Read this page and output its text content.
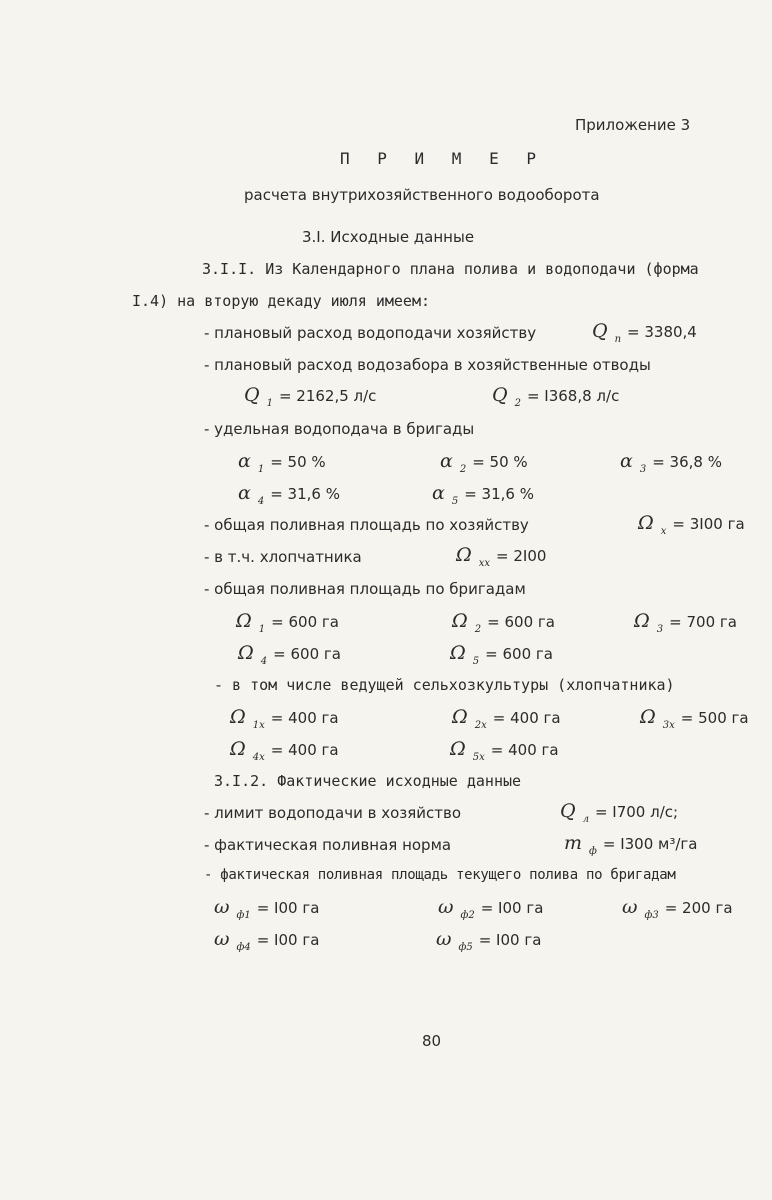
Приложение 3
П Р И М Е Р
расчета внутрихозяйственного водооборота
3.I. Исходные данные
3.I.I. Из Календарного плана полива и водоподачи (форма
I.4) на вторую декаду июля имеем:
- плановый расход водоподачи хозяйству	Q n = 3380,4
- плановый расход водозабора в хозяйственные отводы
Q 1 = 2162,5 л/с	Q 2 = I368,8 л/с
- удельная водоподача в бригады
α 1 = 50 %	α 2 = 50 %	α 3 = 36,8 %
α 4 = 31,6 %	α 5 = 31,6 %
- общая поливная площадь по хозяйству	Ω x = 3I00 га
- в т.ч. хлопчатника	Ω xx = 2I00
- общая поливная площадь по бригадам
Ω 1 = 600 га	Ω 2 = 600 га	Ω 3 = 700 га
Ω 4 = 600 га	Ω 5 = 600 га
- в том числе ведущей сельхозкультуры (хлопчатника)
Ω 1x = 400 га	Ω 2x = 400 га	Ω 3x = 500 га
Ω 4x = 400 га	Ω 5x = 400 га
3.I.2. Фактические исходные данные
- лимит водоподачи в хозяйство	Q л = I700 л/с;
- фактическая поливная норма	m ф = I300 м³/га
- фактическая поливная площадь текущего полива по бригадам
ω ф1 = I00 га	ω ф2 = I00 га	ω ф3 = 200 га
ω ф4 = I00 га	ω ф5 = I00 га
80
